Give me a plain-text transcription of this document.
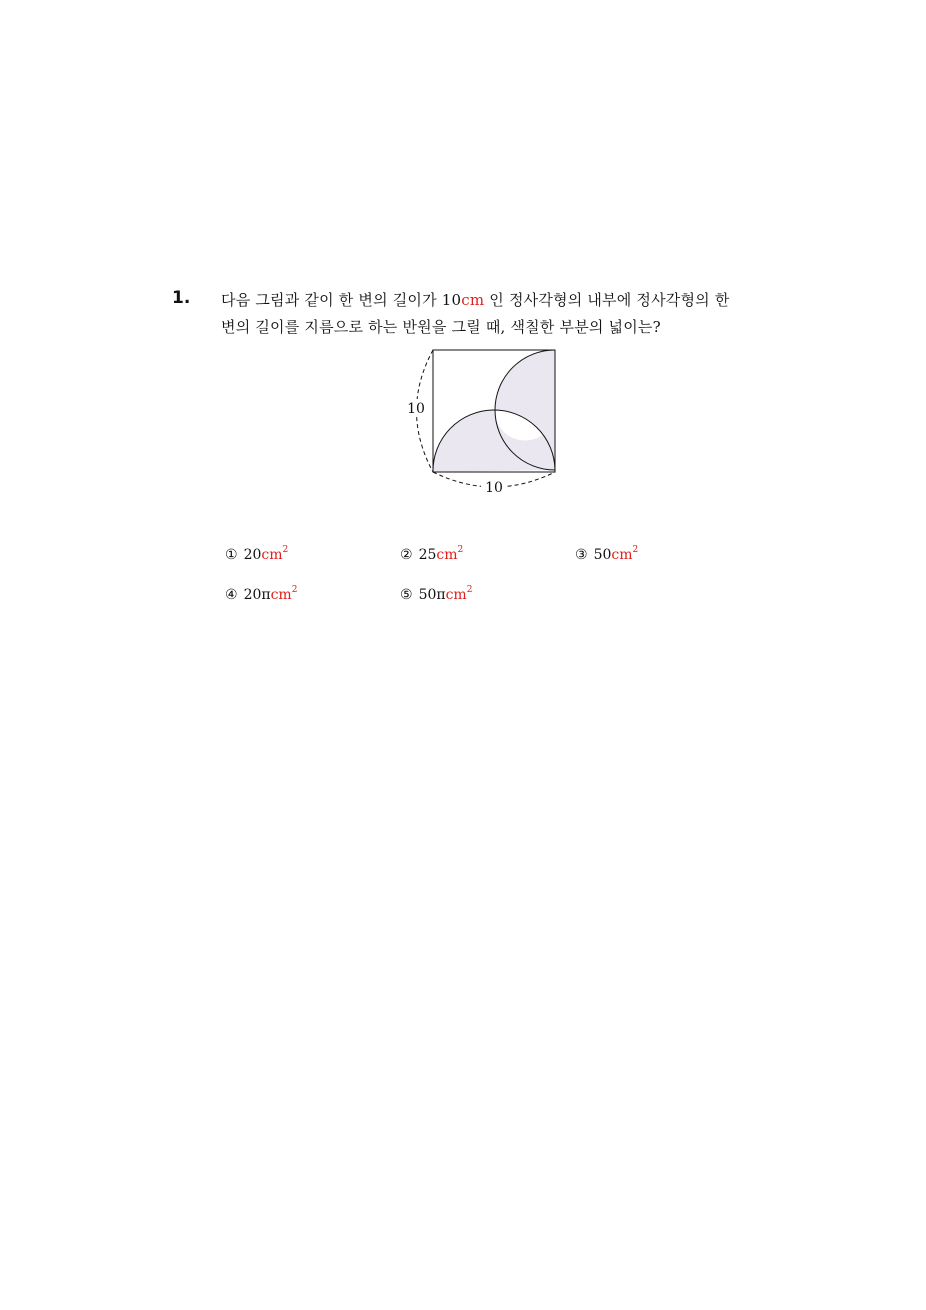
1. 다음 그림과 같이 한 변의 길이가 10cm 인 정사각형의 내부에 정사각형의 한
변의 길이를 지름으로 하는 반원을 그릴 때, 색칠한 부분의 넓이는?
10
10
① $20cm^2$	② $25cm^2$	③ $50cm^2$
④ 20πcm$^2$	⑤ 50πcm$^2$
